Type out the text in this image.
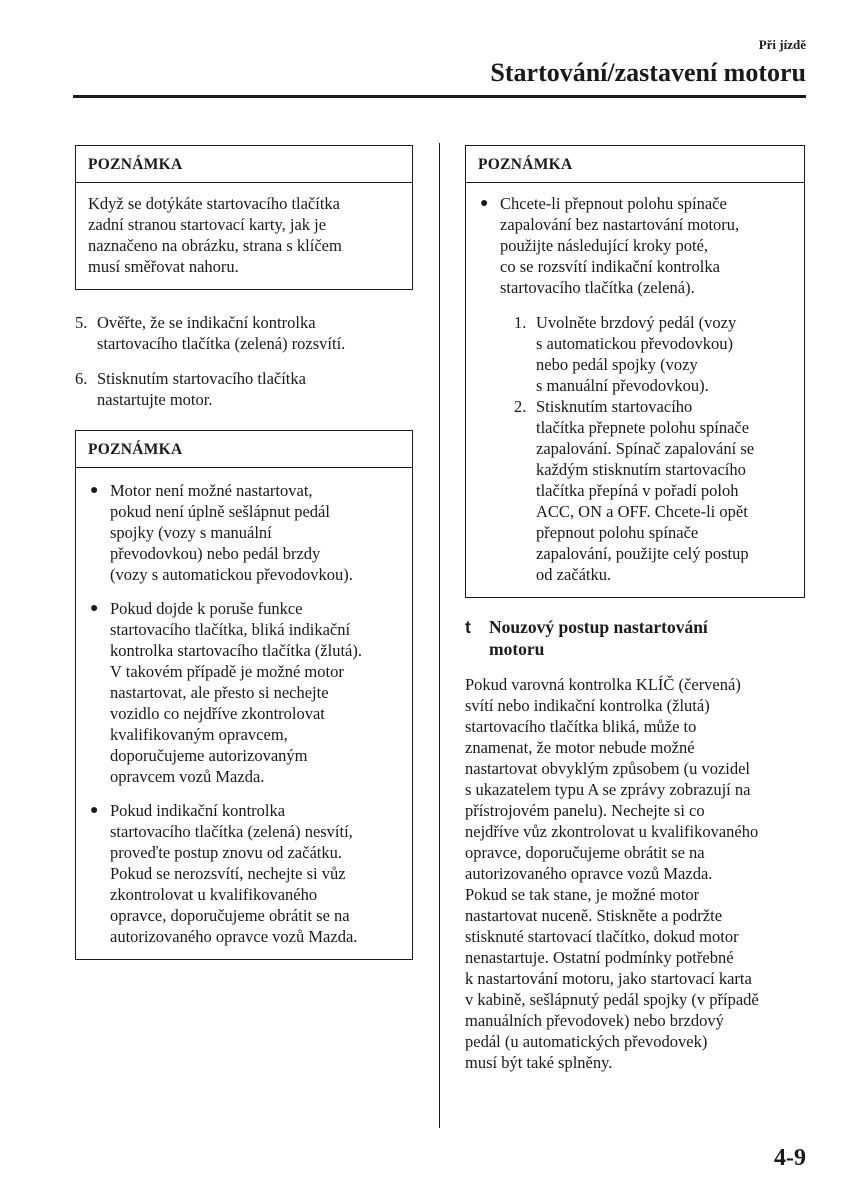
Při jízdě
Startování/zastavení motoru
POZNÁMKA

Když se dotýkáte startovacího tlačítka
zadní stranou startovací karty, jak je
naznačeno na obrázku, strana s klíčem
musí směřovat nahoru.

5. Ověřte, že se indikační kontrolka
startovacího tlačítka (zelená) rozsvítí.
6. Stisknutím startovacího tlačítka
nastartujte motor.
POZNÁMKA
● Motor není možné nastartovat,
pokud není úplně sešlápnut pedál
spojky (vozy s manuální
převodovkou) nebo pedál brzdy
(vozy s automatickou převodovkou).
● Pokud dojde k poruše funkce
startovacího tlačítka, bliká indikační
kontrolka startovacího tlačítka (žlutá).
V takovém případě je možné motor
nastartovat, ale přesto si nechejte
vozidlo co nejdříve zkontrolovat
kvalifikovaným opravcem,
doporučujeme autorizovaným
opravcem vozů Mazda.
● Pokud indikační kontrolka
startovacího tlačítka (zelená) nesvítí,
proveďte postup znovu od začátku.
Pokud se nerozsvítí, nechejte si vůz
zkontrolovat u kvalifikovaného
opravce, doporučujeme obrátit se na
autorizovaného opravce vozů Mazda.
POZNÁMKA
● Chcete-li přepnout polohu spínače
zapalování bez nastartování motoru,
použijte následující kroky poté,
co se rozsvítí indikační kontrolka
startovacího tlačítka (zelená).
1. Uvolněte brzdový pedál (vozy
s automatickou převodovkou)
nebo pedál spojky (vozy
s manuální převodovkou).
2. Stisknutím startovacího
tlačítka přepnete polohu spínače
zapalování. Spínač zapalování se
každým stisknutím startovacího
tlačítka přepíná v pořadí poloh
ACC, ON a OFF. Chcete-li opět
přepnout polohu spínače
zapalování, použijte celý postup
od začátku.
t Nouzový postup nastartování
motoru
Pokud varovná kontrolka KLÍČ (červená)
svítí nebo indikační kontrolka (žlutá)
startovacího tlačítka bliká, může to
znamenat, že motor nebude možné
nastartovat obvyklým způsobem (u vozidel
s ukazatelem typu A se zprávy zobrazují na
přístrojovém panelu). Nechejte si co
nejdříve vůz zkontrolovat u kvalifikovaného
opravce, doporučujeme obrátit se na
autorizovaného opravce vozů Mazda.
Pokud se tak stane, je možné motor
nastartovat nuceně. Stiskněte a podržte
stisknuté startovací tlačítko, dokud motor
nenastartuje. Ostatní podmínky potřebné
k nastartování motoru, jako startovací karta
v kabině, sešlápnutý pedál spojky (v případě
manuálních převodovek) nebo brzdový
pedál (u automatických převodovek)
musí být také splněny.
4-9
